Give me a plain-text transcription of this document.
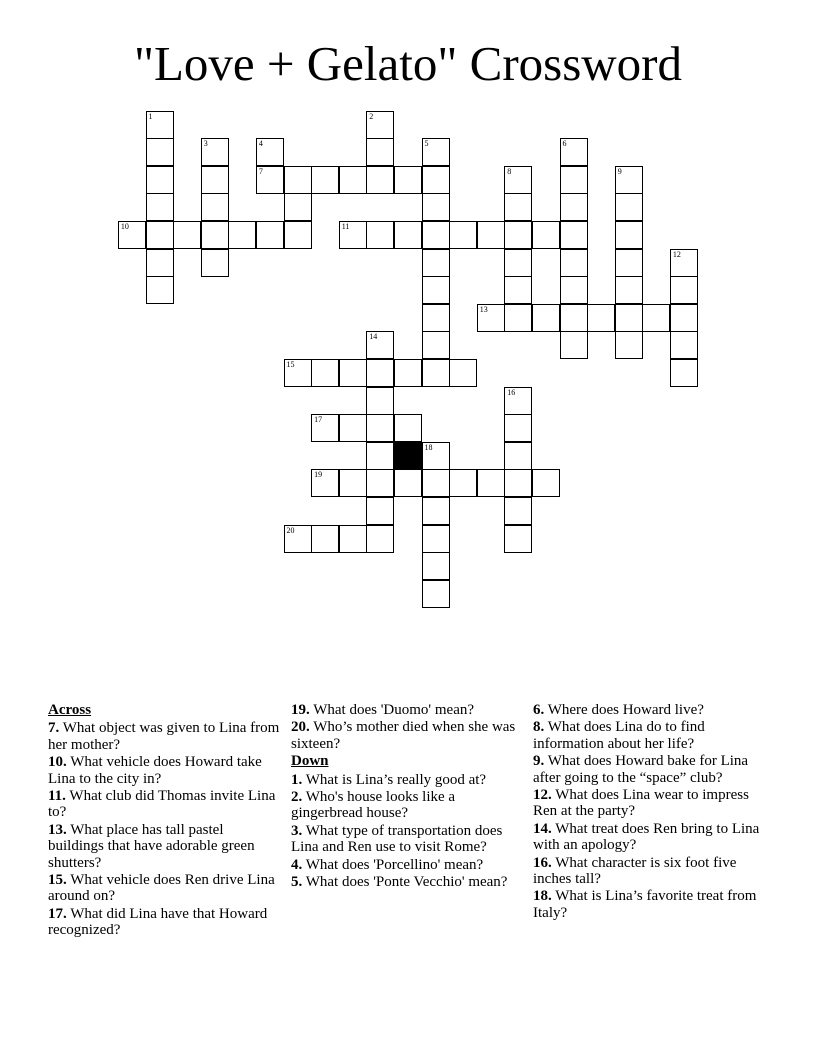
"Love + Gelato" Crossword
1	2
3	4	5	6
7	8	9
10	11
12
13
14
15
16
17
18
19
20
Across
7. What object was given to Lina from her mother?
10. What vehicle does Howard take Lina to the city in?
11. What club did Thomas invite Lina to?
13. What place has tall pastel buildings that have adorable green shutters?
15. What vehicle does Ren drive Lina around on?
17. What did Lina have that Howard recognized?
19. What does 'Duomo' mean?
20. Who’s mother died when she was sixteen?
Down
1. What is Lina’s really good at?
2. Who's house looks like a gingerbread house?
3. What type of transportation does Lina and Ren use to visit Rome?
4. What does 'Porcellino' mean?
5. What does 'Ponte Vecchio' mean?
6. Where does Howard live?
8. What does Lina do to find information about her life?
9. What does Howard bake for Lina after going to the “space” club?
12. What does Lina wear to impress Ren at the party?
14. What treat does Ren bring to Lina with an apology?
16. What character is six foot five inches tall?
18. What is Lina’s favorite treat from Italy?
